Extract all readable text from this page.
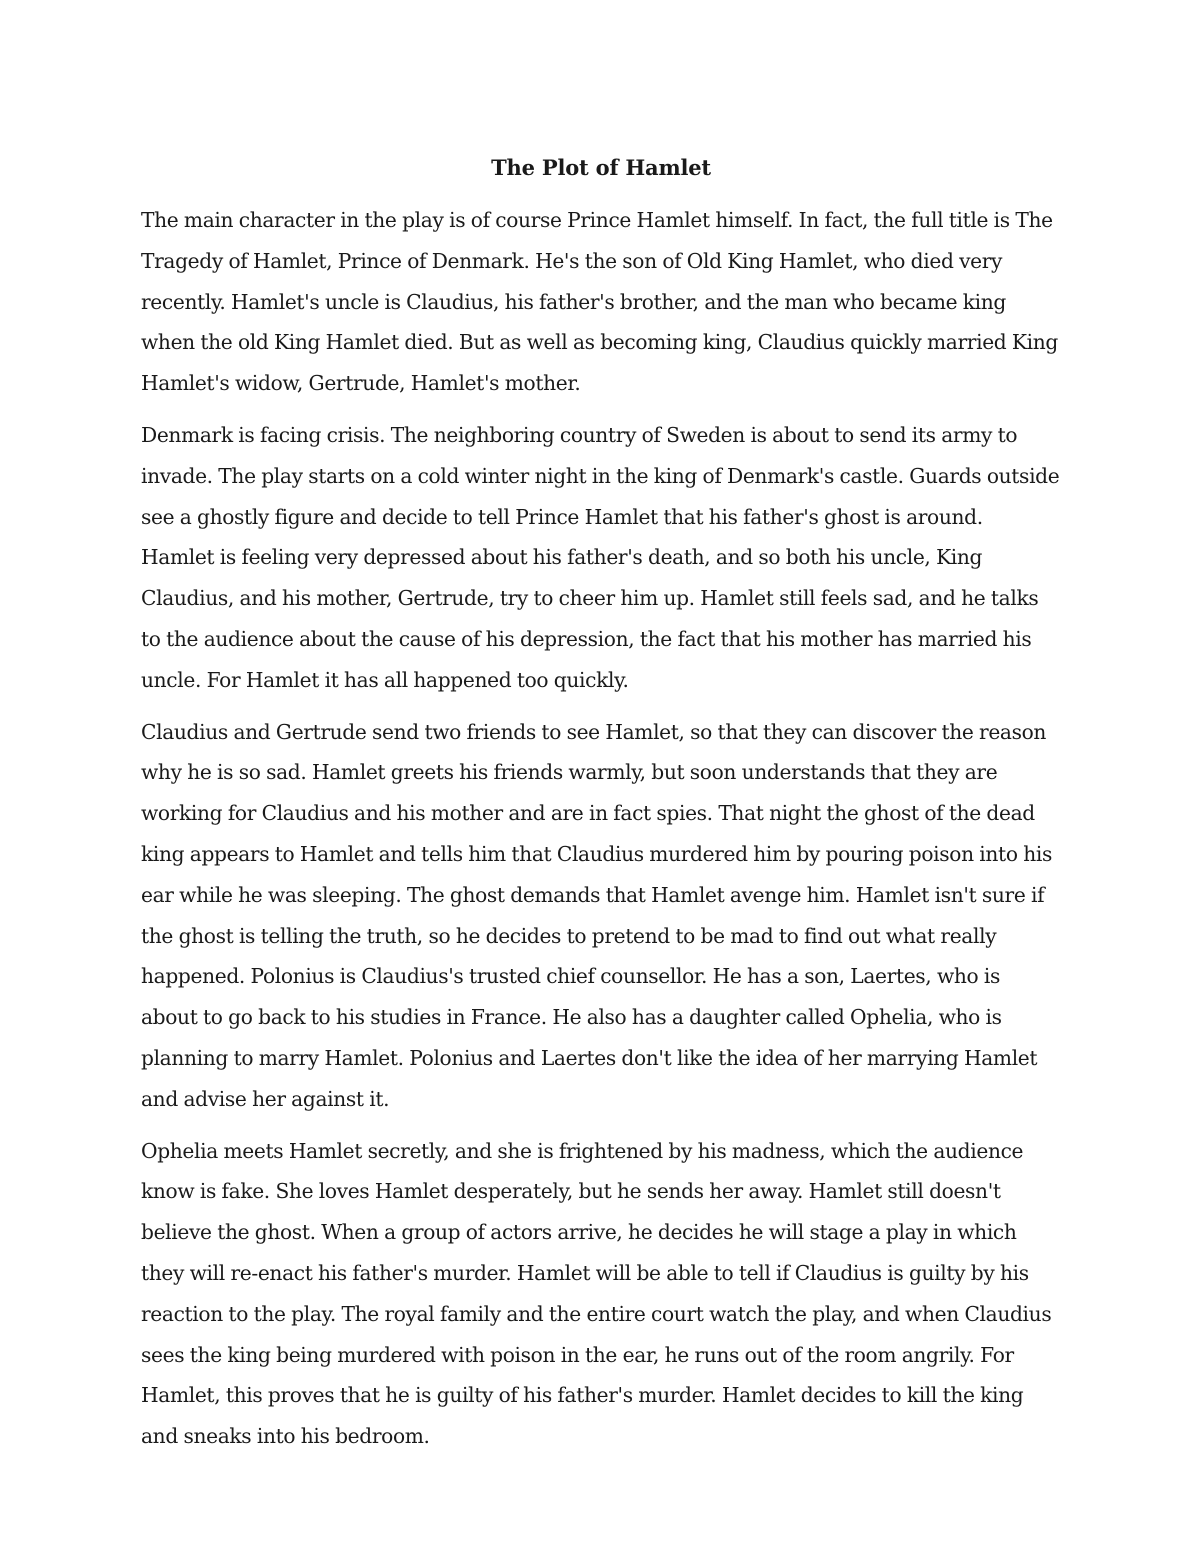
The Plot of Hamlet

The main character in the play is of course Prince Hamlet himself. In fact, the full title is The Tragedy of Hamlet, Prince of Denmark. He's the son of Old King Hamlet, who died very recently. Hamlet's uncle is Claudius, his father's brother, and the man who became king when the old King Hamlet died. But as well as becoming king, Claudius quickly married King Hamlet's widow, Gertrude, Hamlet's mother.

Denmark is facing crisis. The neighboring country of Sweden is about to send its army to invade. The play starts on a cold winter night in the king of Denmark's castle. Guards outside see a ghostly figure and decide to tell Prince Hamlet that his father's ghost is around. Hamlet is feeling very depressed about his father's death, and so both his uncle, King Claudius, and his mother, Gertrude, try to cheer him up. Hamlet still feels sad, and he talks to the audience about the cause of his depression, the fact that his mother has married his uncle. For Hamlet it has all happened too quickly.

Claudius and Gertrude send two friends to see Hamlet, so that they can discover the reason why he is so sad. Hamlet greets his friends warmly, but soon understands that they are working for Claudius and his mother and are in fact spies. That night the ghost of the dead king appears to Hamlet and tells him that Claudius murdered him by pouring poison into his ear while he was sleeping. The ghost demands that Hamlet avenge him. Hamlet isn't sure if the ghost is telling the truth, so he decides to pretend to be mad to find out what really happened. Polonius is Claudius's trusted chief counsellor. He has a son, Laertes, who is about to go back to his studies in France. He also has a daughter called Ophelia, who is planning to marry Hamlet. Polonius and Laertes don't like the idea of her marrying Hamlet and advise her against it.

Ophelia meets Hamlet secretly, and she is frightened by his madness, which the audience know is fake. She loves Hamlet desperately, but he sends her away. Hamlet still doesn't believe the ghost. When a group of actors arrive, he decides he will stage a play in which they will re-enact his father's murder. Hamlet will be able to tell if Claudius is guilty by his reaction to the play. The royal family and the entire court watch the play, and when Claudius sees the king being murdered with poison in the ear, he runs out of the room angrily. For Hamlet, this proves that he is guilty of his father's murder. Hamlet decides to kill the king and sneaks into his bedroom.
